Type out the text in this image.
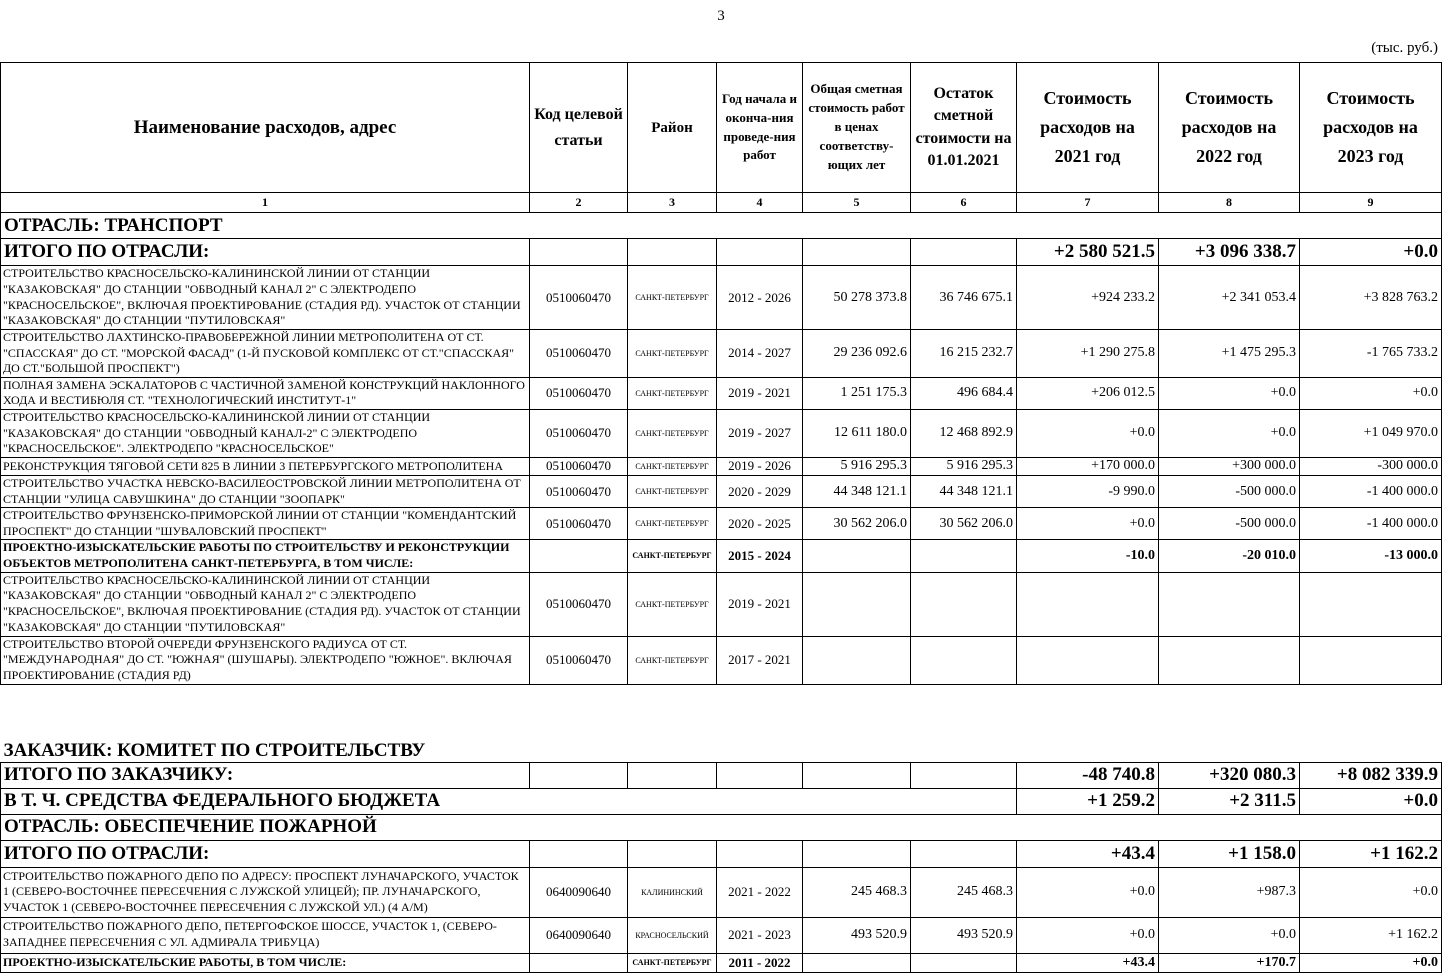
3
(тыс. руб.)
Наименование расходов, адрес	Код целевой статьи	Район	Год начала и оконча-ния проведе-ния работ	Общая сметная стоимость работ в ценах соответству-ющих лет	Остаток сметной стоимости на 01.01.2021	Стоимость расходов на 2021 год	Стоимость расходов на 2022 год	Стоимость расходов на 2023 год
1	2	3	4	5	6	7	8	9
ОТРАСЛЬ: ТРАНСПОРТ								
ИТОГО ПО ОТРАСЛИ:						+2 580 521.5	+3 096 338.7	+0.0
СТРОИТЕЛЬСТВО КРАСНОСЕЛЬСКО-КАЛИНИНСКОЙ ЛИНИИ ОТ СТАНЦИИ "КАЗАКОВСКАЯ" ДО СТАНЦИИ "ОБВОДНЫЙ КАНАЛ 2" С ЭЛЕКТРОДЕПО "КРАСНОСЕЛЬСКОЕ", ВКЛЮЧАЯ ПРОЕКТИРОВАНИЕ (СТАДИЯ РД). УЧАСТОК ОТ СТАНЦИИ "КАЗАКОВСКАЯ" ДО СТАНЦИИ "ПУТИЛОВСКАЯ"	0510060470	САНКТ-ПЕТЕРБУРГ	2012 - 2026	50 278 373.8	36 746 675.1	+924 233.2	+2 341 053.4	+3 828 763.2
СТРОИТЕЛЬСТВО ЛАХТИНСКО-ПРАВОБЕРЕЖНОЙ ЛИНИИ МЕТРОПОЛИТЕНА ОТ СТ. "СПАССКАЯ" ДО СТ. "МОРСКОЙ ФАСАД" (1-Й ПУСКОВОЙ КОМПЛЕКС ОТ СТ."СПАССКАЯ" ДО СТ."БОЛЬШОЙ ПРОСПЕКТ")	0510060470	САНКТ-ПЕТЕРБУРГ	2014 - 2027	29 236 092.6	16 215 232.7	+1 290 275.8	+1 475 295.3	-1 765 733.2
ПОЛНАЯ ЗАМЕНА ЭСКАЛАТОРОВ С ЧАСТИЧНОЙ ЗАМЕНОЙ КОНСТРУКЦИЙ НАКЛОННОГО ХОДА И ВЕСТИБЮЛЯ СТ. "ТЕХНОЛОГИЧЕСКИЙ ИНСТИТУТ-1"	0510060470	САНКТ-ПЕТЕРБУРГ	2019 - 2021	1 251 175.3	496 684.4	+206 012.5	+0.0	+0.0
СТРОИТЕЛЬСТВО КРАСНОСЕЛЬСКО-КАЛИНИНСКОЙ ЛИНИИ ОТ СТАНЦИИ "КАЗАКОВСКАЯ" ДО СТАНЦИИ "ОБВОДНЫЙ КАНАЛ-2" С ЭЛЕКТРОДЕПО "КРАСНОСЕЛЬСКОЕ". ЭЛЕКТРОДЕПО "КРАСНОСЕЛЬСКОЕ"	0510060470	САНКТ-ПЕТЕРБУРГ	2019 - 2027	12 611 180.0	12 468 892.9	+0.0	+0.0	+1 049 970.0
РЕКОНСТРУКЦИЯ ТЯГОВОЙ СЕТИ 825 В ЛИНИИ 3 ПЕТЕРБУРГСКОГО МЕТРОПОЛИТЕНА	0510060470	САНКТ-ПЕТЕРБУРГ	2019 - 2026	5 916 295.3	5 916 295.3	+170 000.0	+300 000.0	-300 000.0
СТРОИТЕЛЬСТВО УЧАСТКА НЕВСКО-ВАСИЛЕОСТРОВСКОЙ ЛИНИИ МЕТРОПОЛИТЕНА ОТ СТАНЦИИ "УЛИЦА САВУШКИНА" ДО СТАНЦИИ "ЗООПАРК"	0510060470	САНКТ-ПЕТЕРБУРГ	2020 - 2029	44 348 121.1	44 348 121.1	-9 990.0	-500 000.0	-1 400 000.0
СТРОИТЕЛЬСТВО ФРУНЗЕНСКО-ПРИМОРСКОЙ ЛИНИИ ОТ СТАНЦИИ "КОМЕНДАНТСКИЙ ПРОСПЕКТ" ДО СТАНЦИИ "ШУВАЛОВСКИЙ ПРОСПЕКТ"	0510060470	САНКТ-ПЕТЕРБУРГ	2020 - 2025	30 562 206.0	30 562 206.0	+0.0	-500 000.0	-1 400 000.0
ПРОЕКТНО-ИЗЫСКАТЕЛЬСКИЕ РАБОТЫ ПО СТРОИТЕЛЬСТВУ И РЕКОНСТРУКЦИИ ОБЪЕКТОВ МЕТРОПОЛИТЕНА САНКТ-ПЕТЕРБУРГА, В ТОМ ЧИСЛЕ:		САНКТ-ПЕТЕРБУРГ	2015 - 2024			-10.0	-20 010.0	-13 000.0
СТРОИТЕЛЬСТВО КРАСНОСЕЛЬСКО-КАЛИНИНСКОЙ ЛИНИИ ОТ СТАНЦИИ "КАЗАКОВСКАЯ" ДО СТАНЦИИ "ОБВОДНЫЙ КАНАЛ 2" С ЭЛЕКТРОДЕПО "КРАСНОСЕЛЬСКОЕ", ВКЛЮЧАЯ ПРОЕКТИРОВАНИЕ (СТАДИЯ РД). УЧАСТОК ОТ СТАНЦИИ "КАЗАКОВСКАЯ" ДО СТАНЦИИ "ПУТИЛОВСКАЯ"	0510060470	САНКТ-ПЕТЕРБУРГ	2019 - 2021					
СТРОИТЕЛЬСТВО ВТОРОЙ ОЧЕРЕДИ ФРУНЗЕНСКОГО РАДИУСА ОТ СТ. "МЕЖДУНАРОДНАЯ" ДО СТ. "ЮЖНАЯ" (ШУШАРЫ). ЭЛЕКТРОДЕПО "ЮЖНОЕ". ВКЛЮЧАЯ ПРОЕКТИРОВАНИЕ (СТАДИЯ РД)	0510060470	САНКТ-ПЕТЕРБУРГ	2017 - 2021					
ЗАКАЗЧИК: КОМИТЕТ ПО СТРОИТЕЛЬСТВУ								
ИТОГО ПО ЗАКАЗЧИКУ:						-48 740.8	+320 080.3	+8 082 339.9
В Т. Ч. СРЕДСТВА ФЕДЕРАЛЬНОГО БЮДЖЕТА						+1 259.2	+2 311.5	+0.0
ОТРАСЛЬ: ОБЕСПЕЧЕНИЕ ПОЖАРНОЙ								
ИТОГО ПО ОТРАСЛИ:						+43.4	+1 158.0	+1 162.2
СТРОИТЕЛЬСТВО ПОЖАРНОГО ДЕПО ПО АДРЕСУ: ПРОСПЕКТ ЛУНАЧАРСКОГО, УЧАСТОК 1 (СЕВЕРО-ВОСТОЧНЕЕ ПЕРЕСЕЧЕНИЯ С ЛУЖСКОЙ УЛИЦЕЙ); ПР. ЛУНАЧАРСКОГО, УЧАСТОК 1 (СЕВЕРО-ВОСТОЧНЕЕ ПЕРЕСЕЧЕНИЯ С ЛУЖСКОЙ УЛ.) (4 А/М)	0640090640	КАЛИНИНСКИЙ	2021 - 2022	245 468.3	245 468.3	+0.0	+987.3	+0.0
СТРОИТЕЛЬСТВО ПОЖАРНОГО ДЕПО, ПЕТЕРГОФСКОЕ ШОССЕ, УЧАСТОК 1, (СЕВЕРО-ЗАПАДНЕЕ ПЕРЕСЕЧЕНИЯ С УЛ. АДМИРАЛА ТРИБУЦА)	0640090640	КРАСНОСЕЛЬСКИЙ	2021 - 2023	493 520.9	493 520.9	+0.0	+0.0	+1 162.2
ПРОЕКТНО-ИЗЫСКАТЕЛЬСКИЕ РАБОТЫ, В ТОМ ЧИСЛЕ:		САНКТ-ПЕТЕРБУРГ	2011 - 2022			+43.4	+170.7	+0.0
